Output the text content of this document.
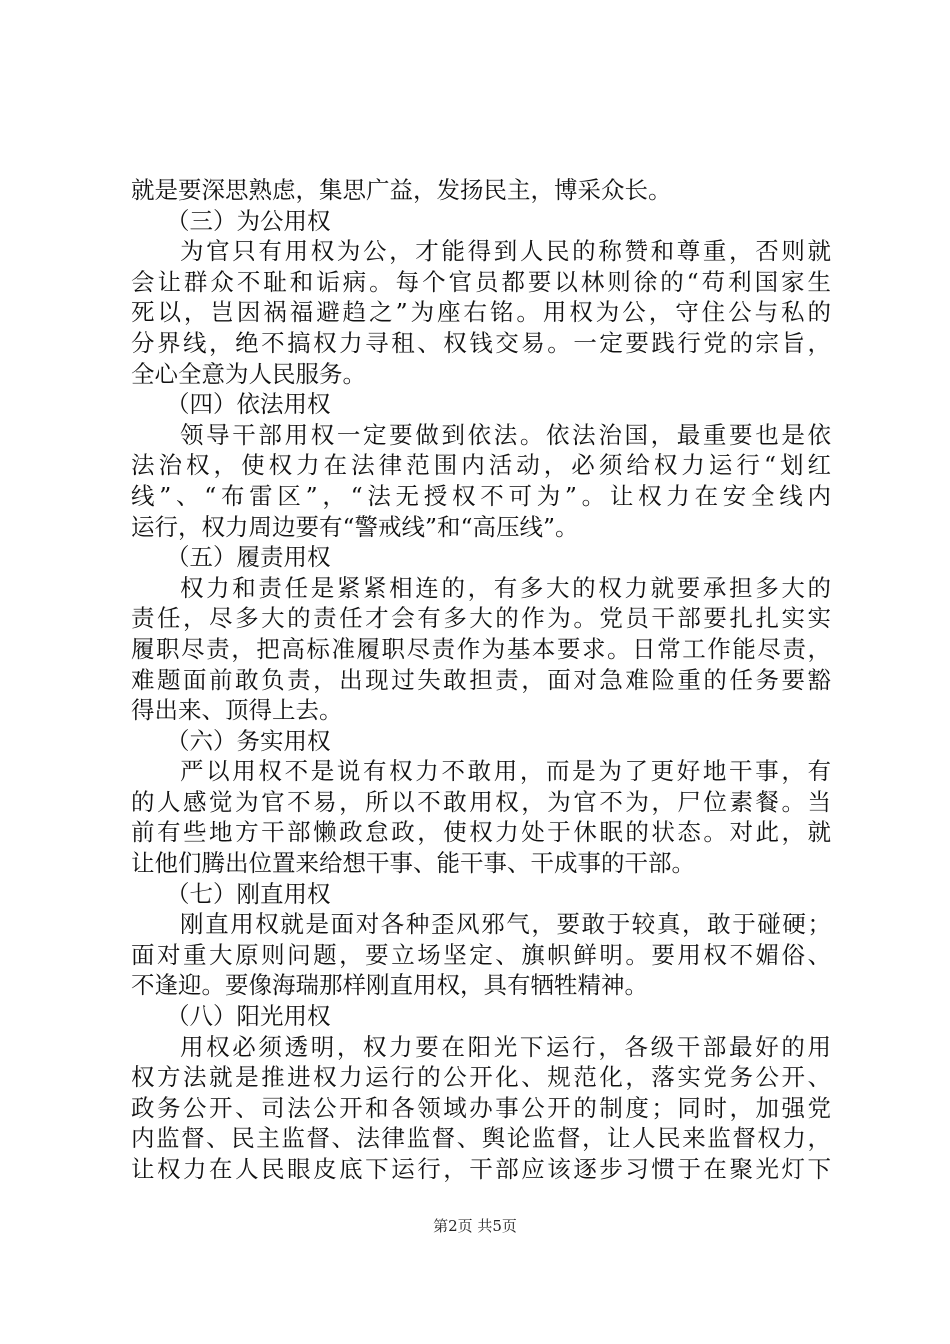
就是要深思熟虑，集思广益，发扬民主，博采众长。
（三）为公用权
为官只有用权为公，才能得到人民的称赞和尊重，否则就
会让群众不耻和诟病。每个官员都要以林则徐的“苟利国家生
死以，岂因祸福避趋之”为座右铭。用权为公，守住公与私的
分界线，绝不搞权力寻租、权钱交易。一定要践行党的宗旨，
全心全意为人民服务。
（四）依法用权
领导干部用权一定要做到依法。依法治国，最重要也是依
法治权，使权力在法律范围内活动，必须给权力运行“划红
线”、“布雷区”，“法无授权不可为”。让权力在安全线内
运行，权力周边要有“警戒线”和“高压线”。
（五）履责用权
权力和责任是紧紧相连的，有多大的权力就要承担多大的
责任，尽多大的责任才会有多大的作为。党员干部要扎扎实实
履职尽责，把高标准履职尽责作为基本要求。日常工作能尽责，
难题面前敢负责，出现过失敢担责，面对急难险重的任务要豁
得出来、顶得上去。
（六）务实用权
严以用权不是说有权力不敢用，而是为了更好地干事，有
的人感觉为官不易，所以不敢用权，为官不为，尸位素餐。当
前有些地方干部懒政怠政，使权力处于休眠的状态。对此，就
让他们腾出位置来给想干事、能干事、干成事的干部。
（七）刚直用权
刚直用权就是面对各种歪风邪气，要敢于较真，敢于碰硬；
面对重大原则问题，要立场坚定、旗帜鲜明。要用权不媚俗、
不逢迎。要像海瑞那样刚直用权，具有牺牲精神。
（八）阳光用权
用权必须透明，权力要在阳光下运行，各级干部最好的用
权方法就是推进权力运行的公开化、规范化，落实党务公开、
政务公开、司法公开和各领域办事公开的制度；同时，加强党
内监督、民主监督、法律监督、舆论监督，让人民来监督权力，
让权力在人民眼皮底下运行，干部应该逐步习惯于在聚光灯下
第2页 共5页
